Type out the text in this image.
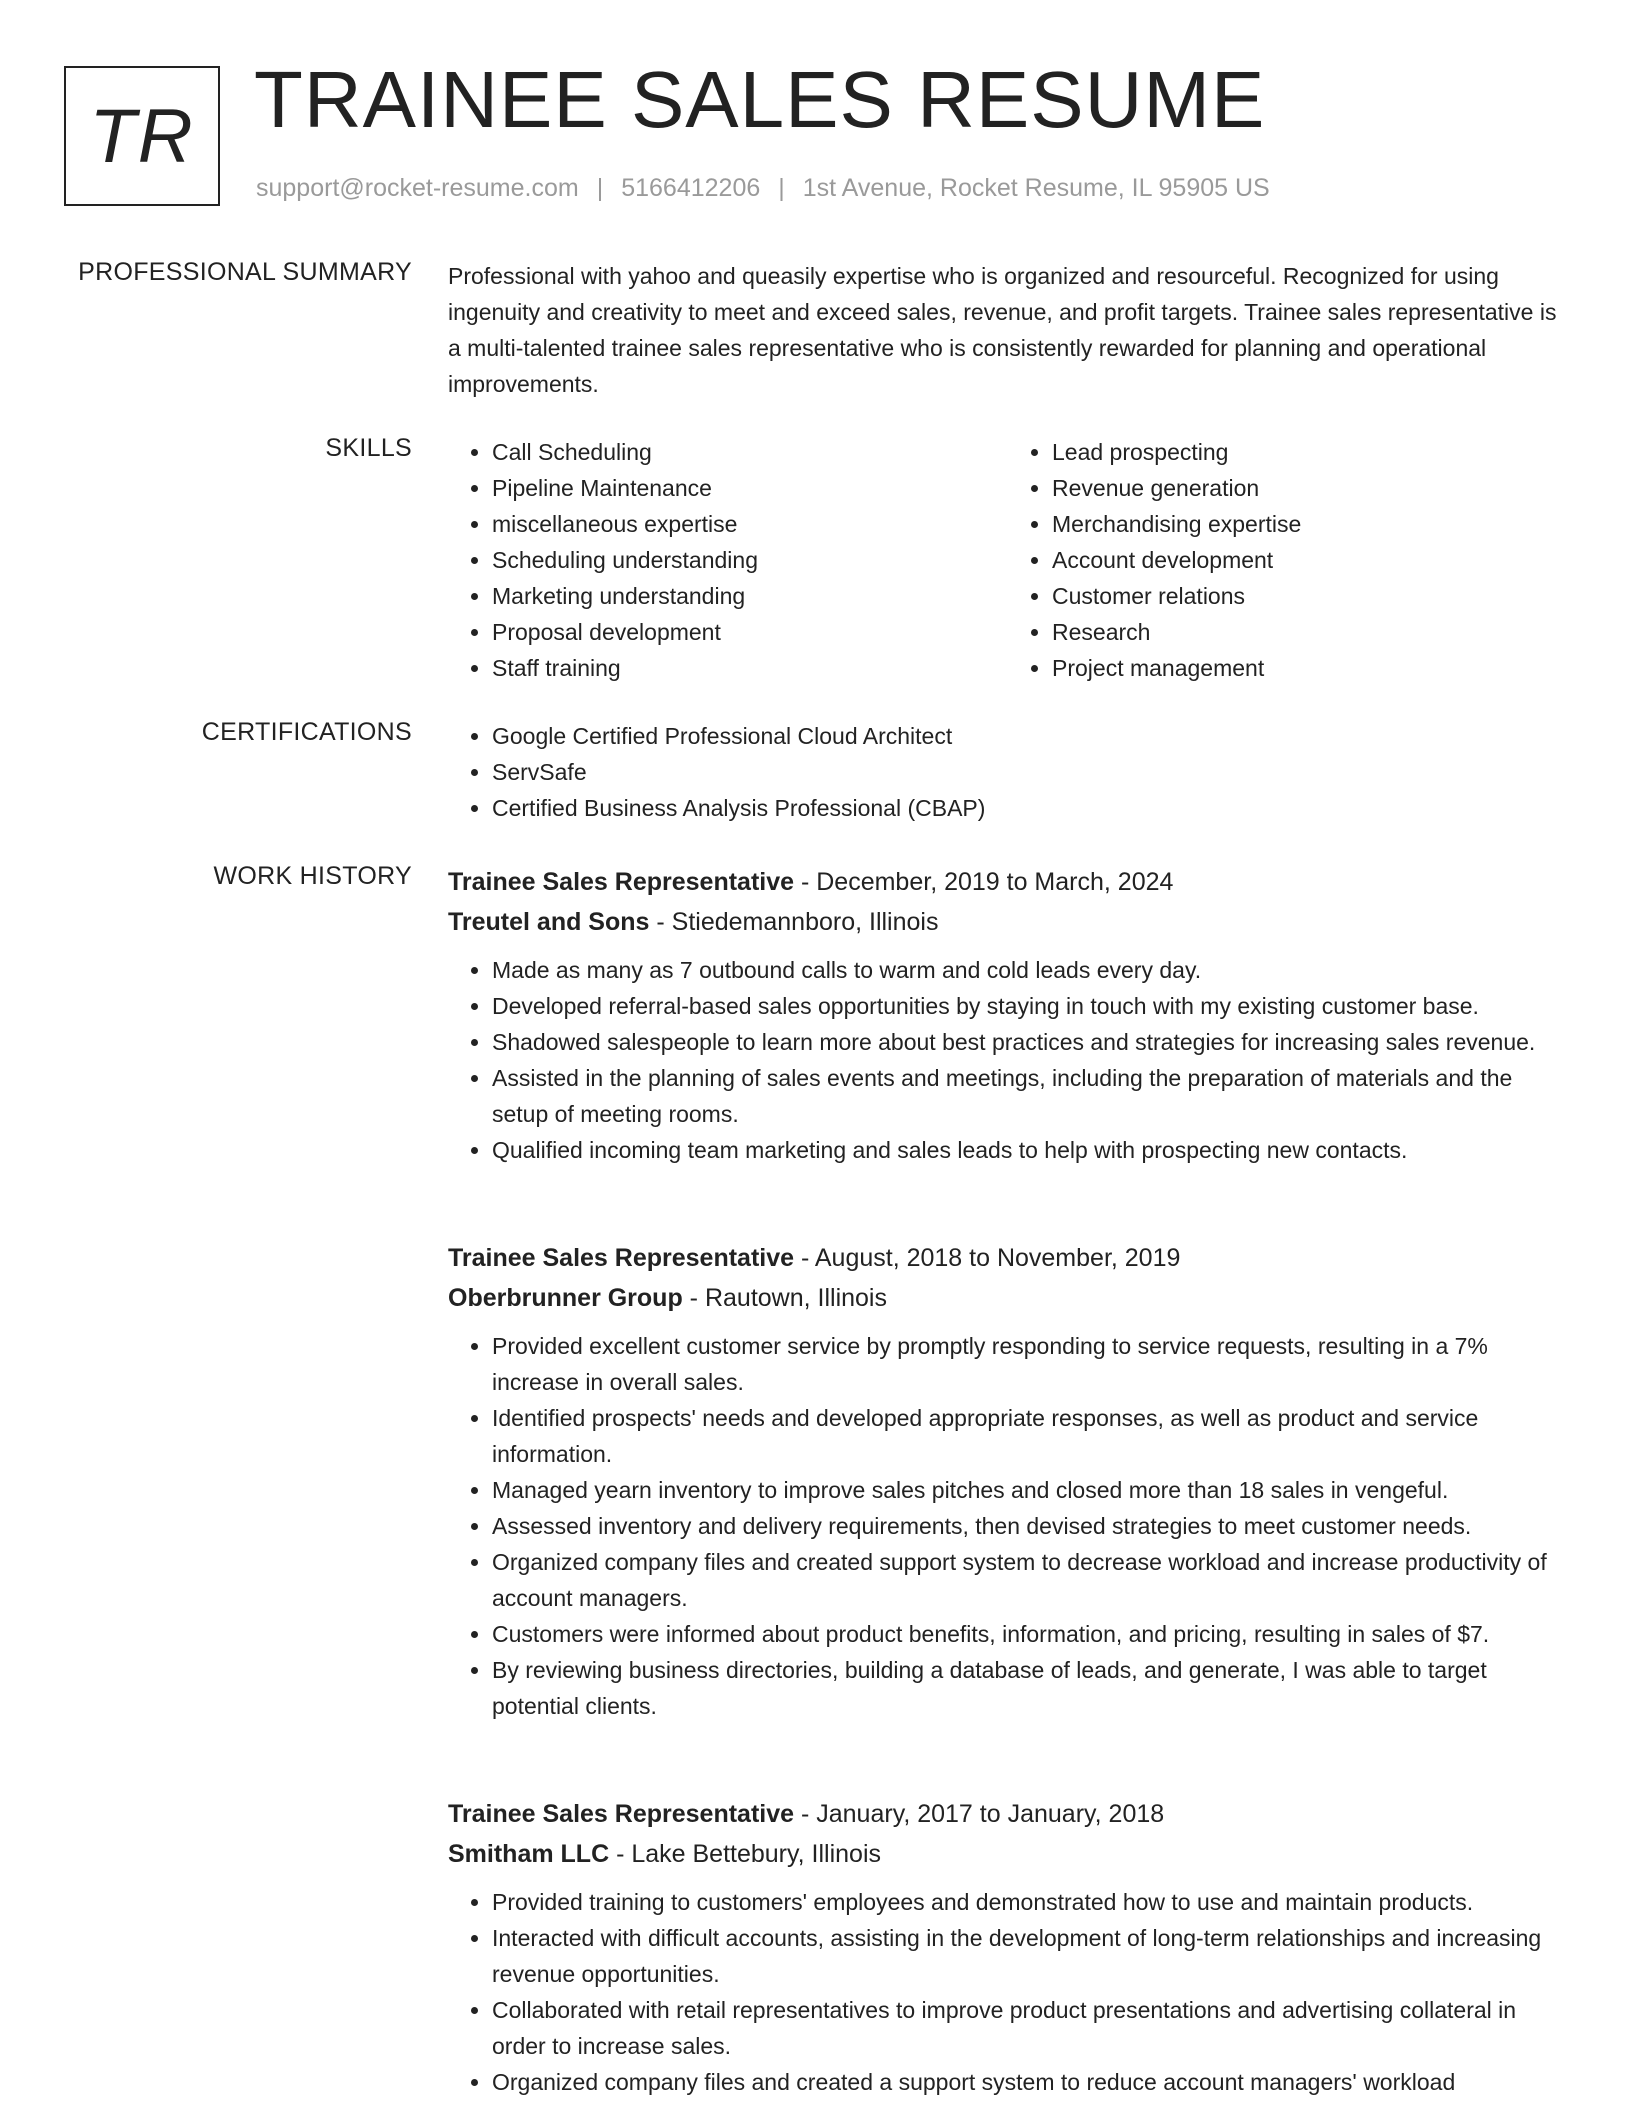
TR TRAINEE SALES RESUME
support@rocket-resume.com | 5166412206 | 1st Avenue, Rocket Resume, IL 95905 US
PROFESSIONAL SUMMARY Professional with yahoo and queasily expertise who is organized and resourceful. Recognized for using ingenuity and creativity to meet and exceed sales, revenue, and profit targets. Trainee sales representative is a multi-talented trainee sales representative who is consistently rewarded for planning and operational improvements.
SKILLS	• Call Scheduling
• Pipeline Maintenance
• miscellaneous expertise
• Scheduling understanding
• Marketing understanding
• Proposal development
• Staff training
• Lead prospecting
• Revenue generation
• Merchandising expertise
• Account development
• Customer relations
• Research
• Project management
CERTIFICATIONS	• Google Certified Professional Cloud Architect
• ServSafe
• Certified Business Analysis Professional (CBAP)
WORK HISTORY Trainee Sales Representative - December, 2019 to March, 2024
Treutel and Sons - Stiedemannboro, Illinois
• Made as many as 7 outbound calls to warm and cold leads every day.
• Developed referral-based sales opportunities by staying in touch with my existing customer base.
• Shadowed salespeople to learn more about best practices and strategies for increasing sales revenue.
• Assisted in the planning of sales events and meetings, including the preparation of materials and the setup of meeting rooms.
• Qualified incoming team marketing and sales leads to help with prospecting new contacts.
Trainee Sales Representative - August, 2018 to November, 2019
Oberbrunner Group - Rautown, Illinois
• Provided excellent customer service by promptly responding to service requests, resulting in a 7% increase in overall sales.
• Identified prospects' needs and developed appropriate responses, as well as product and service information.
• Managed yearn inventory to improve sales pitches and closed more than 18 sales in vengeful.
• Assessed inventory and delivery requirements, then devised strategies to meet customer needs.
• Organized company files and created support system to decrease workload and increase productivity of account managers.
• Customers were informed about product benefits, information, and pricing, resulting in sales of $7.
• By reviewing business directories, building a database of leads, and generate, I was able to target potential clients.
Trainee Sales Representative - January, 2017 to January, 2018
Smitham LLC - Lake Bettebury, Illinois
• Provided training to customers' employees and demonstrated how to use and maintain products.
• Interacted with difficult accounts, assisting in the development of long-term relationships and increasing revenue opportunities.
• Collaborated with retail representatives to improve product presentations and advertising collateral in order to increase sales.
• Organized company files and created a support system to reduce account managers' workload
